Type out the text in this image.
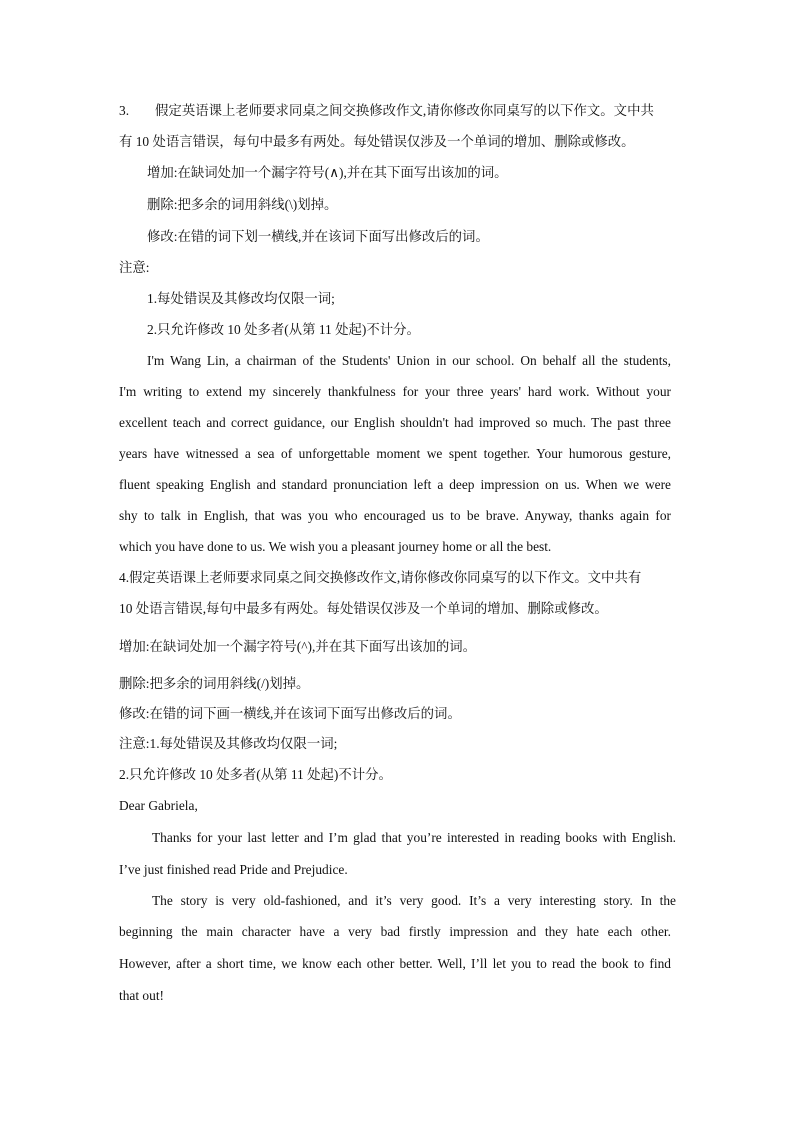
3. 假定英语课上老师要求同桌之间交换修改作文,请你修改你同桌写的以下作文。文中共
有 10 处语言错误，每句中最多有两处。每处错误仅涉及一个单词的增加、删除或修改。
增加:在缺词处加一个漏字符号(∧),并在其下面写出该加的词。
删除:把多余的词用斜线(\)划掉。
修改:在错的词下划一横线,并在该词下面写出修改后的词。
注意:
1.每处错误及其修改均仅限一词;
2.只允许修改 10 处多者(从第 11 处起)不计分。
I'm Wang Lin, a chairman of the Students' Union in our school. On behalf all the students,
I'm writing to extend my sincerely thankfulness for your three years' hard work. Without your
excellent teach and correct guidance, our English shouldn't had improved so much. The past three
years have witnessed a sea of unforgettable moment we spent together. Your humorous gesture,
fluent speaking English and standard pronunciation left a deep impression on us. When we were
shy to talk in English, that was you who encouraged us to be brave. Anyway, thanks again for
which you have done to us. We wish you a pleasant journey home or all the best.
4.假定英语课上老师要求同桌之间交换修改作文,请你修改你同桌写的以下作文。文中共有
10 处语言错误,每句中最多有两处。每处错误仅涉及一个单词的增加、删除或修改。
增加:在缺词处加一个漏字符号(^),并在其下面写出该加的词。
删除:把多余的词用斜线(/)划掉。
修改:在错的词下画一横线,并在该词下面写出修改后的词。
注意:1.每处错误及其修改均仅限一词;
2.只允许修改 10 处多者(从第 11 处起)不计分。
Dear Gabriela,
Thanks for your last letter and I’m glad that you’re interested in reading books with English.
I’ve just finished read Pride and Prejudice.
The story is very old-fashioned, and it’s very good. It’s a very interesting story. In the
beginning the main character have a very bad firstly impression and they hate each other.
However, after a short time, we know each other better. Well, I’ll let you to read the book to find
that out!
